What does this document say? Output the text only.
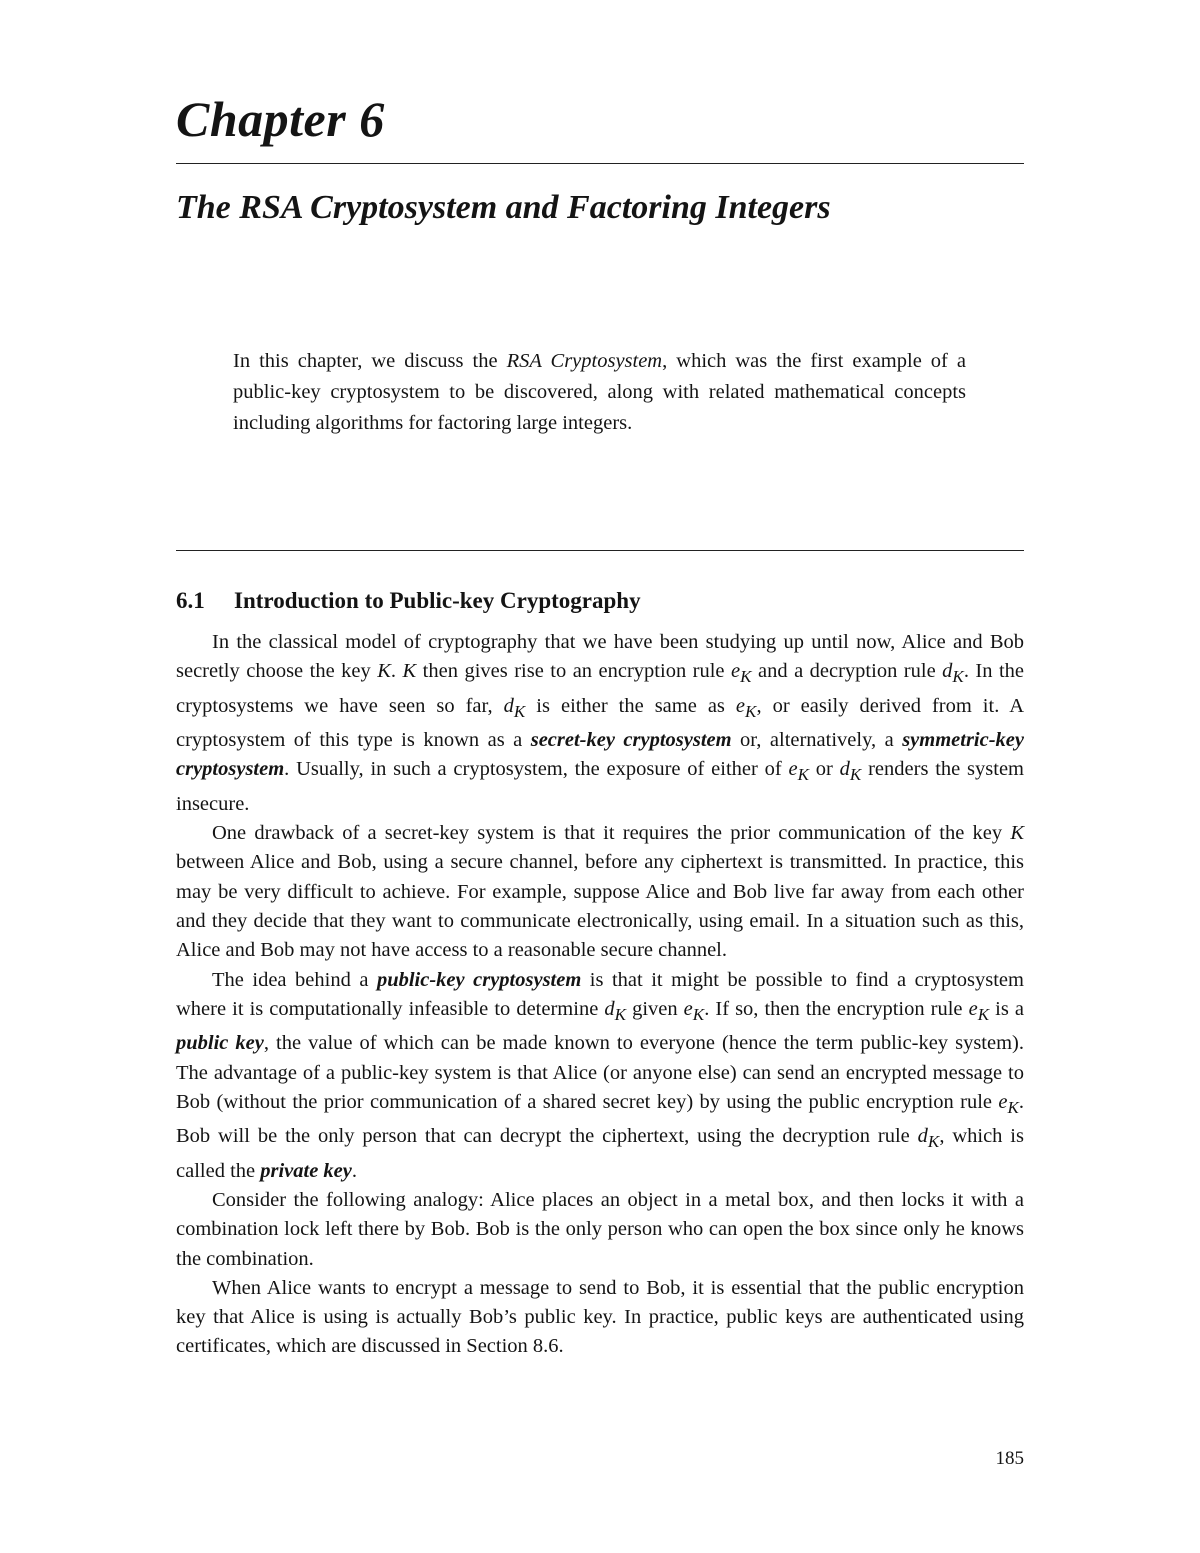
Chapter 6
The RSA Cryptosystem and Factoring Integers

In this chapter, we discuss the RSA Cryptosystem, which was the first example of a public-key cryptosystem to be discovered, along with related mathematical concepts including algorithms for factoring large integers.

6.1 Introduction to Public-key Cryptography

In the classical model of cryptography that we have been studying up until now, Alice and Bob secretly choose the key K. K then gives rise to an encryption rule $e_K$ and a decryption rule $d_K$. In the cryptosystems we have seen so far, $d_K$ is either the same as $e_K$, or easily derived from it. A cryptosystem of this type is known as a secret-key cryptosystem or, alternatively, a symmetric-key cryptosystem. Usually, in such a cryptosystem, the exposure of either of $e_K$ or $d_K$ renders the system insecure.

One drawback of a secret-key system is that it requires the prior communication of the key K between Alice and Bob, using a secure channel, before any ciphertext is transmitted. In practice, this may be very difficult to achieve. For example, suppose Alice and Bob live far away from each other and they decide that they want to communicate electronically, using email. In a situation such as this, Alice and Bob may not have access to a reasonable secure channel.

The idea behind a public-key cryptosystem is that it might be possible to find a cryptosystem where it is computationally infeasible to determine $d_K$ given $e_K$. If so, then the encryption rule $e_K$ is a public key, the value of which can be made known to everyone (hence the term public-key system). The advantage of a public-key system is that Alice (or anyone else) can send an encrypted message to Bob (without the prior communication of a shared secret key) by using the public encryption rule $e_K$. Bob will be the only person that can decrypt the ciphertext, using the decryption rule $d_K$, which is called the private key.

Consider the following analogy: Alice places an object in a metal box, and then locks it with a combination lock left there by Bob. Bob is the only person who can open the box since only he knows the combination.

When Alice wants to encrypt a message to send to Bob, it is essential that the public encryption key that Alice is using is actually Bob’s public key. In practice, public keys are authenticated using certificates, which are discussed in Section 8.6.

185
